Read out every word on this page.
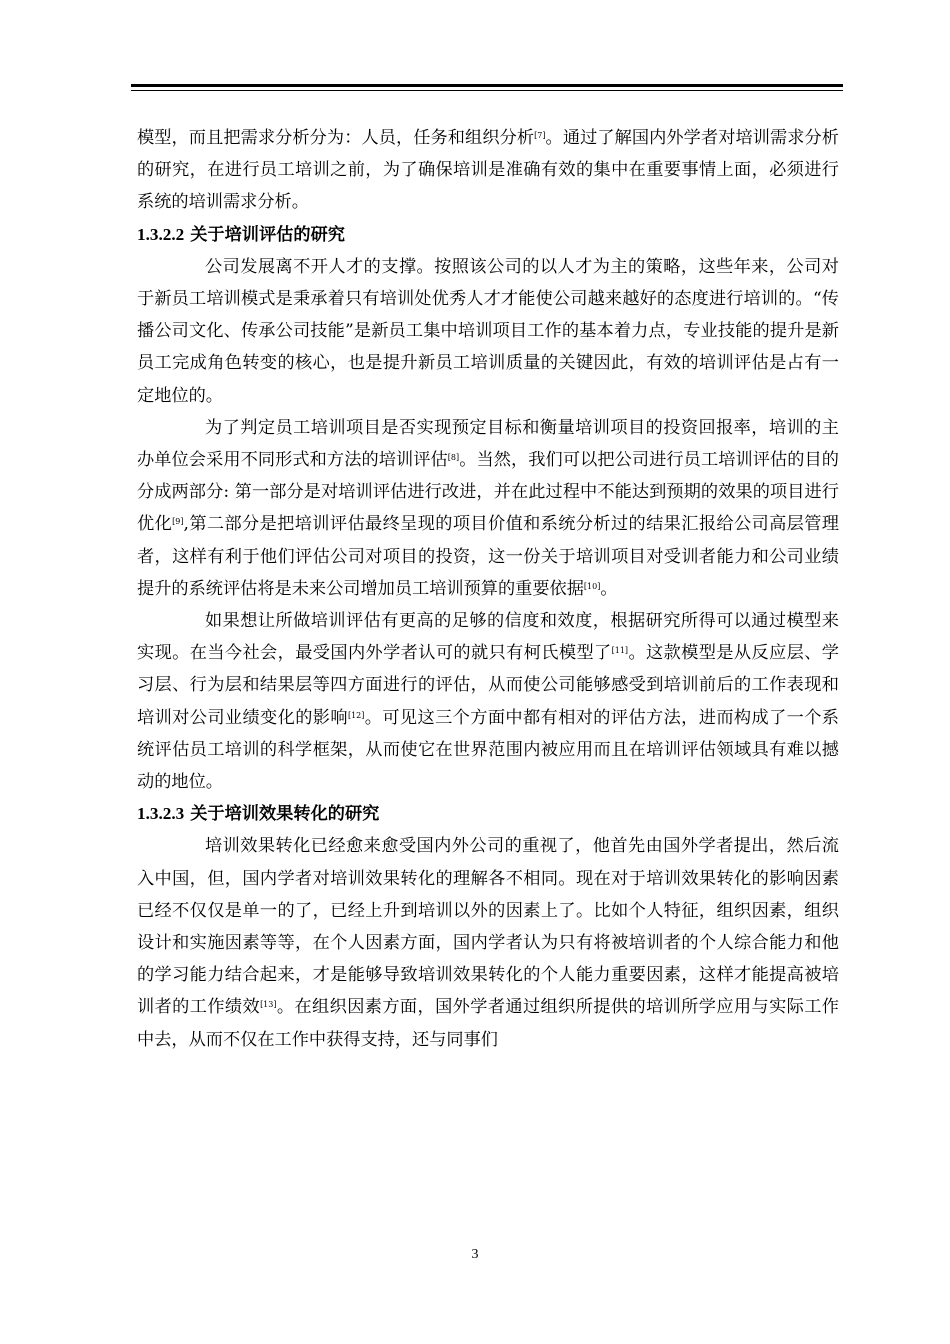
模型，而且把需求分析分为：人员，任务和组织分析[7]。通过了解国内外学者对培训需求分析的研究，在进行员工培训之前，为了确保培训是准确有效的集中在重要事情上面，必须进行系统的培训需求分析。

1.3.2.2 关于培训评估的研究

公司发展离不开人才的支撑。按照该公司的以人才为主的策略，这些年来，公司对于新员工培训模式是秉承着只有培训处优秀人才才能使公司越来越好的态度进行培训的。“传播公司文化、传承公司技能”是新员工集中培训项目工作的基本着力点，专业技能的提升是新员工完成角色转变的核心，也是提升新员工培训质量的关键因此，有效的培训评估是占有一定地位的。

为了判定员工培训项目是否实现预定目标和衡量培训项目的投资回报率，培训的主办单位会采用不同形式和方法的培训评估[8]。当然，我们可以把公司进行员工培训评估的目的分成两部分: 第一部分是对培训评估进行改进，并在此过程中不能达到预期的效果的项目进行优化[9],第二部分是把培训评估最终呈现的项目价值和系统分析过的结果汇报给公司高层管理者，这样有利于他们评估公司对项目的投资，这一份关于培训项目对受训者能力和公司业绩提升的系统评估将是未来公司增加员工培训预算的重要依据[10]。

如果想让所做培训评估有更高的足够的信度和效度，根据研究所得可以通过模型来实现。在当今社会，最受国内外学者认可的就只有柯氏模型了[11]。这款模型是从反应层、学习层、行为层和结果层等四方面进行的评估，从而使公司能够感受到培训前后的工作表现和培训对公司业绩变化的影响[12]。可见这三个方面中都有相对的评估方法，进而构成了一个系统评估员工培训的科学框架，从而使它在世界范围内被应用而且在培训评估领域具有难以撼动的地位。

1.3.2.3 关于培训效果转化的研究

培训效果转化已经愈来愈受国内外公司的重视了，他首先由国外学者提出，然后流入中国，但，国内学者对培训效果转化的理解各不相同。现在对于培训效果转化的影响因素已经不仅仅是单一的了，已经上升到培训以外的因素上了。比如个人特征，组织因素，组织设计和实施因素等等，在个人因素方面，国内学者认为只有将被培训者的个人综合能力和他的学习能力结合起来，才是能够导致培训效果转化的个人能力重要因素，这样才能提高被培训者的工作绩效[13]。在组织因素方面，国外学者通过组织所提供的培训所学应用与实际工作中去，从而不仅在工作中获得支持，还与同事们

3
